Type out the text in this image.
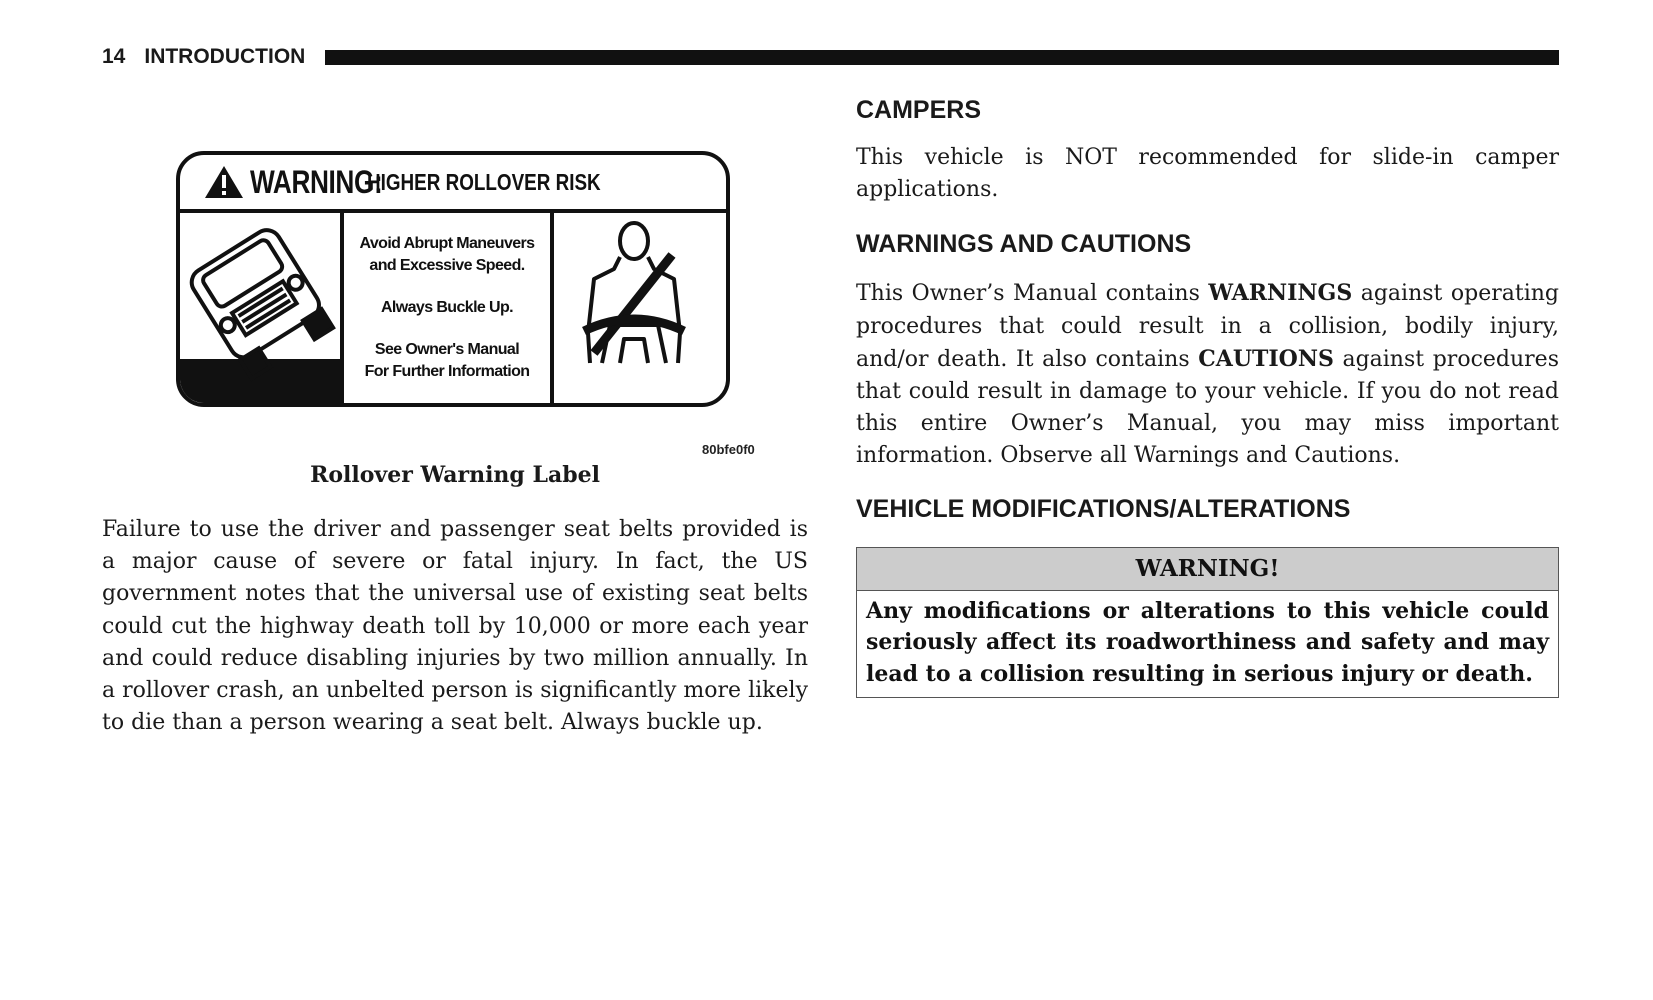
14 INTRODUCTION
WARNING:
HIGHER ROLLOVER RISK
Avoid Abrupt Maneuvers
and Excessive Speed.
Always Buckle Up.
See Owner's Manual
For Further Information
80bfe0f0
Rollover Warning Label

Failure to use the driver and passenger seat belts provided is a major cause of severe or fatal injury. In fact, the US government notes that the universal use of existing seat belts could cut the highway death toll by 10,000 or more each year and could reduce disabling injuries by two million annually. In a rollover crash, an unbelted person is significantly more likely to die than a person wearing a seat belt. Always buckle up.

CAMPERS

This vehicle is NOT recommended for slide-in camper applications.

WARNINGS AND CAUTIONS

This Owner’s Manual contains WARNINGS against operating procedures that could result in a collision, bodily injury, and/or death. It also contains CAUTIONS against procedures that could result in damage to your vehicle. If you do not read this entire Owner’s Manual, you may miss important information. Observe all Warnings and Cautions.

VEHICLE MODIFICATIONS/ALTERATIONS
WARNING!
Any modifications or alterations to this vehicle could seriously affect its roadworthiness and safety and may lead to a collision resulting in serious injury or death.
